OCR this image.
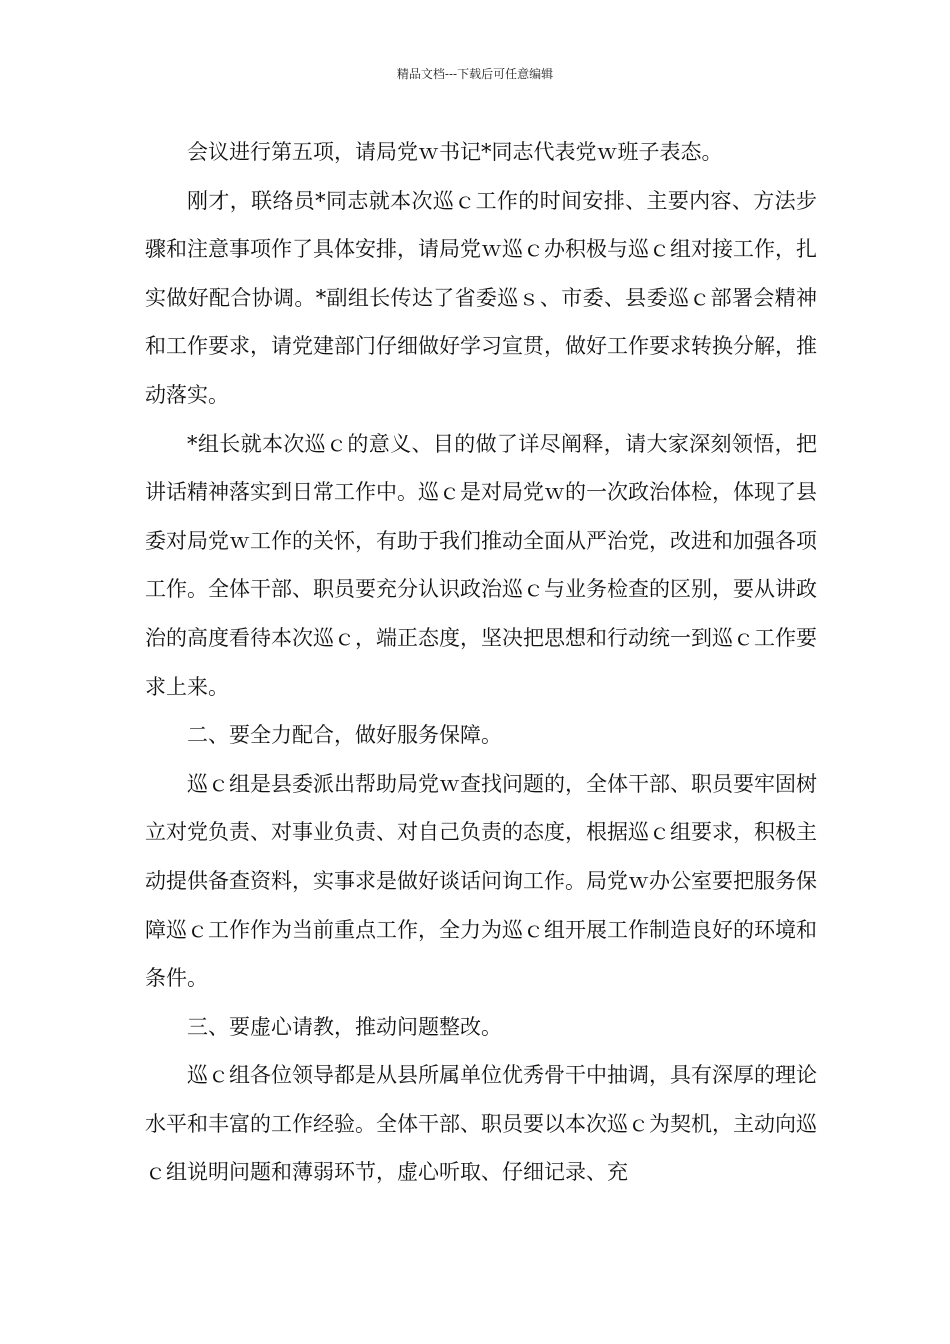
精品文档---下载后可任意编辑

会议进行第五项，请局党ｗ书记*同志代表党ｗ班子表态。

刚才，联络员*同志就本次巡ｃ工作的时间安排、主要内容、方法步骤和注意事项作了具体安排，请局党ｗ巡ｃ办积极与巡ｃ组对接工作，扎实做好配合协调。*副组长传达了省委巡ｓ、市委、县委巡ｃ部署会精神和工作要求，请党建部门仔细做好学习宣贯，做好工作要求转换分解，推动落实。

*组长就本次巡ｃ的意义、目的做了详尽阐释，请大家深刻领悟，把讲话精神落实到日常工作中。巡ｃ是对局党ｗ的一次政治体检，体现了县委对局党ｗ工作的关怀，有助于我们推动全面从严治党，改进和加强各项工作。全体干部、职员要充分认识政治巡ｃ与业务检查的区别，要从讲政治的高度看待本次巡ｃ，端正态度，坚决把思想和行动统一到巡ｃ工作要求上来。

二、要全力配合，做好服务保障。

巡ｃ组是县委派出帮助局党ｗ查找问题的，全体干部、职员要牢固树立对党负责、对事业负责、对自己负责的态度，根据巡ｃ组要求，积极主动提供备查资料，实事求是做好谈话问询工作。局党ｗ办公室要把服务保障巡ｃ工作作为当前重点工作，全力为巡ｃ组开展工作制造良好的环境和条件。

三、要虚心请教，推动问题整改。

巡ｃ组各位领导都是从县所属单位优秀骨干中抽调，具有深厚的理论水平和丰富的工作经验。全体干部、职员要以本次巡ｃ为契机，主动向巡ｃ组说明问题和薄弱环节，虚心听取、仔细记录、充
